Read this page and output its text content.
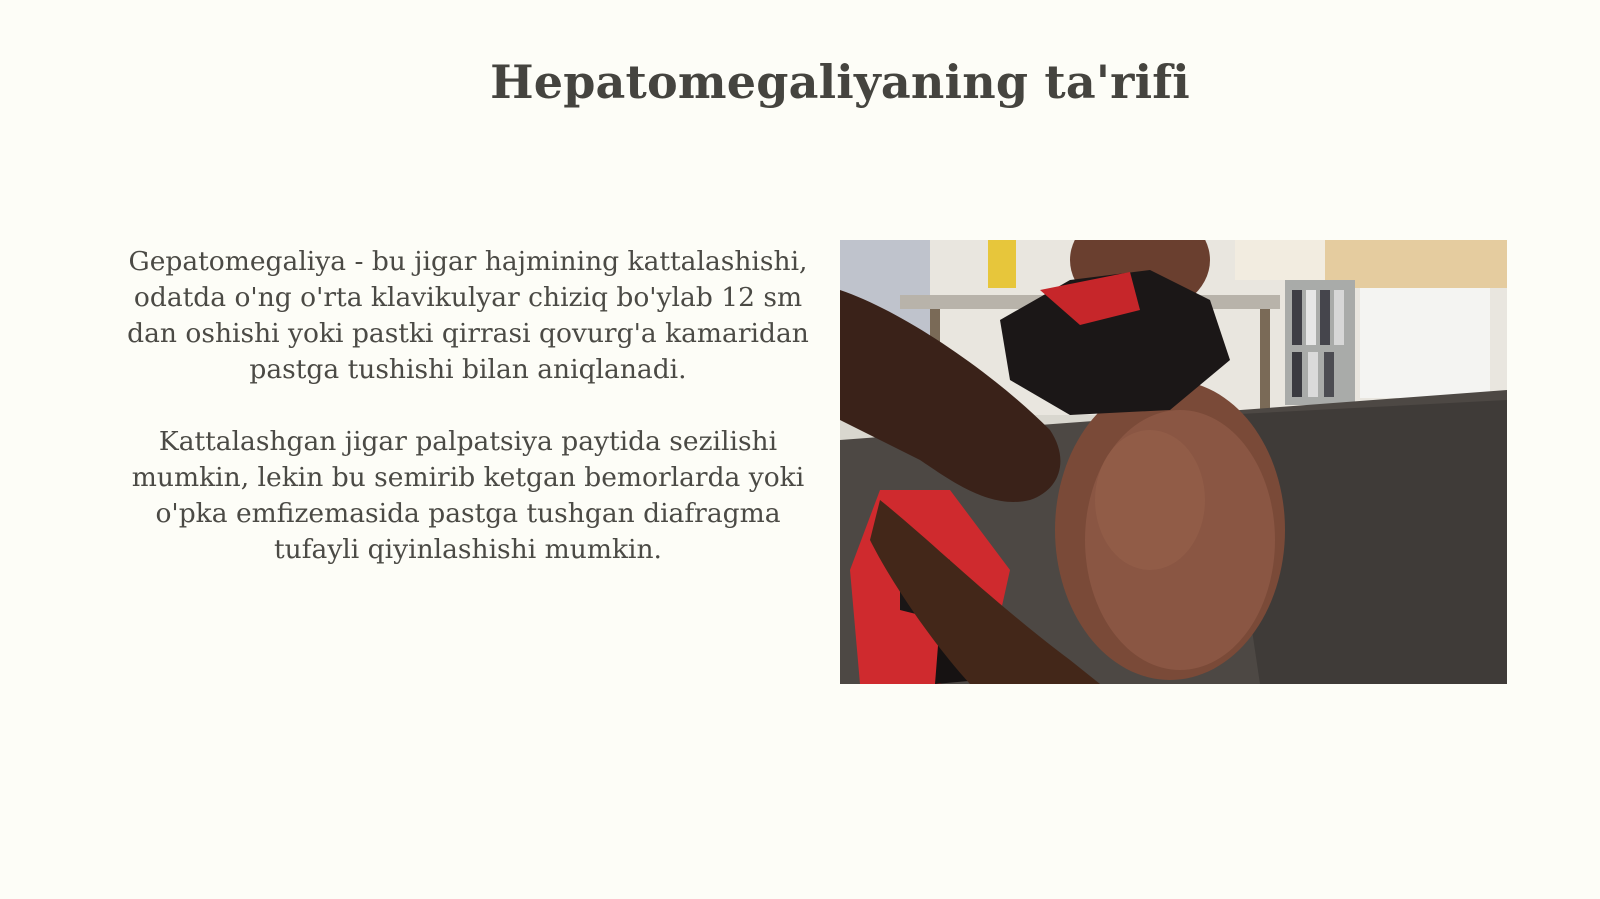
Hepatomegaliyaning ta'rifi

Gepatomegaliya - bu jigar hajmining kattalashishi, odatda o'ng o'rta klavikulyar chiziq bo'ylab 12 sm dan oshishi yoki pastki qirrasi qovurg'a kamaridan pastga tushishi bilan aniqlanadi.

Kattalashgan jigar palpatsiya paytida sezilishi mumkin, lekin bu semirib ketgan bemorlarda yoki o'pka emfizemasida pastga tushgan diafragma tufayli qiyinlashishi mumkin.
